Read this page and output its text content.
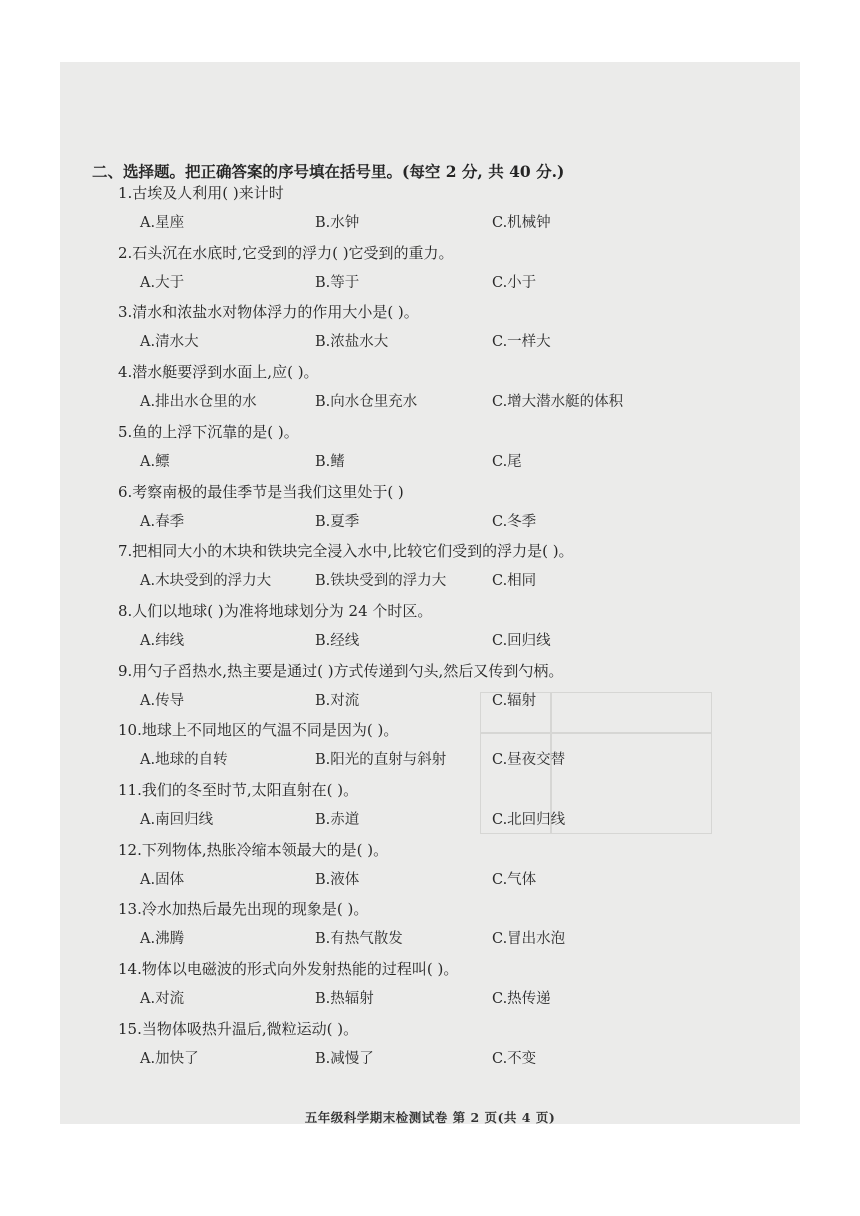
二、选择题。把正确答案的序号填在括号里。(每空 2 分, 共 40 分.)
1.古埃及人利用( )来计时
A.星座	B.水钟	C.机械钟
2.石头沉在水底时,它受到的浮力( )它受到的重力。
A.大于	B.等于	C.小于
3.清水和浓盐水对物体浮力的作用大小是( )。
A.清水大	B.浓盐水大	C.一样大
4.潜水艇要浮到水面上,应( )。
A.排出水仓里的水	B.向水仓里充水	C.增大潜水艇的体积
5.鱼的上浮下沉靠的是( )。
A.鳔	B.鳍	C.尾
6.考察南极的最佳季节是当我们这里处于( )
A.春季	B.夏季	C.冬季
7.把相同大小的木块和铁块完全浸入水中,比较它们受到的浮力是( )。
A.木块受到的浮力大	B.铁块受到的浮力大	C.相同
8.人们以地球( )为准将地球划分为 24 个时区。
A.纬线	B.经线	C.回归线
9.用勺子舀热水,热主要是通过( )方式传递到勺头,然后又传到勺柄。
A.传导	B.对流	C.辐射
10.地球上不同地区的气温不同是因为( )。
A.地球的自转	B.阳光的直射与斜射	C.昼夜交替
11.我们的冬至时节,太阳直射在( )。
A.南回归线	B.赤道	C.北回归线
12.下列物体,热胀冷缩本领最大的是( )。
A.固体	B.液体	C.气体
13.冷水加热后最先出现的现象是( )。
A.沸腾	B.有热气散发	C.冒出水泡
14.物体以电磁波的形式向外发射热能的过程叫( )。
A.对流	B.热辐射	C.热传递
15.当物体吸热升温后,微粒运动( )。
A.加快了	B.减慢了	C.不变
五年级科学期末检测试卷 第 2 页(共 4 页)
